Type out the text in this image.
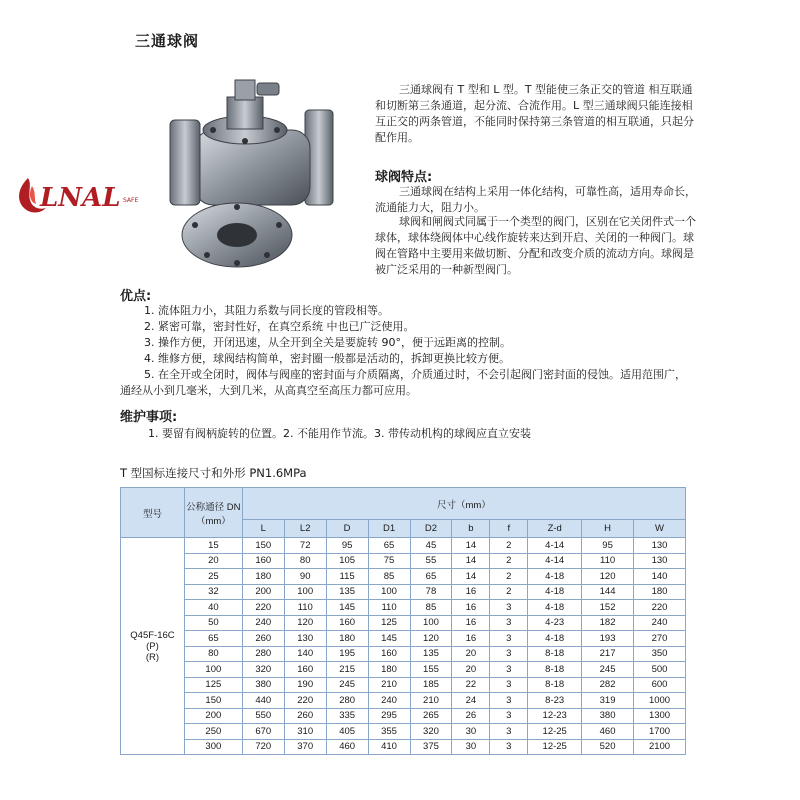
三通球阀
LNAL SAFE
三通球阀有 T 型和 L 型。T 型能使三条正交的管道 相互联通和切断第三条通道，起分流、合流作用。L 型三通球阀只能连接相互正交的两条管道，不能同时保持第三条管道的相互联通，只起分配作用。
球阀特点:
三通球阀在结构上采用一体化结构，可靠性高，适用寿命长，流通能力大，阻力小。
球阀和闸阀式同属于一个类型的阀门，区别在它关闭件式一个球体，球体绕阀体中心线作旋转来达到开启、关闭的一种阀门。球阀在管路中主要用来做切断、分配和改变介质的流动方向。球阀是被广泛采用的一种新型阀门。
优点:
1. 流体阻力小，其阻力系数与同长度的管段相等。
2. 紧密可靠，密封性好，在真空系统 中也已广泛使用。
3. 操作方便，开闭迅速，从全开到全关是要旋转 90°，便于远距离的控制。
4. 维修方便，球阀结构简单，密封圈一般都是活动的，拆卸更换比较方便。
5. 在全开或全闭时，阀体与阀座的密封面与介质隔离，介质通过时，不会引起阀门密封面的侵蚀。适用范围广，通经从小到几毫米，大到几米，从高真空至高压力都可应用。
维护事项:
1. 要留有阀柄旋转的位置。2. 不能用作节流。3. 带传动机构的球阀应直立安装
T 型国标连接尺寸和外形 PN1.6MPa
型号	公称通径 DN（mm）	尺寸（mm）									
		L	L2	D	D1	D2	b	f	Z-d	H	W

Q45F-16C
(P)
(R)	15	150	72	95	65	45	14	2	4-14	95	130
	20	160	80	105	75	55	14	2	4-14	110	130
	25	180	90	115	85	65	14	2	4-18	120	140
	32	200	100	135	100	78	16	2	4-18	144	180
	40	220	110	145	110	85	16	3	4-18	152	220
	50	240	120	160	125	100	16	3	4-23	182	240
	65	260	130	180	145	120	16	3	4-18	193	270
	80	280	140	195	160	135	20	3	8-18	217	350
	100	320	160	215	180	155	20	3	8-18	245	500
	125	380	190	245	210	185	22	3	8-18	282	600
	150	440	220	280	240	210	24	3	8-23	319	1000
	200	550	260	335	295	265	26	3	12-23	380	1300
	250	670	310	405	355	320	30	3	12-25	460	1700
	300	720	370	460	410	375	30	3	12-25	520	2100
